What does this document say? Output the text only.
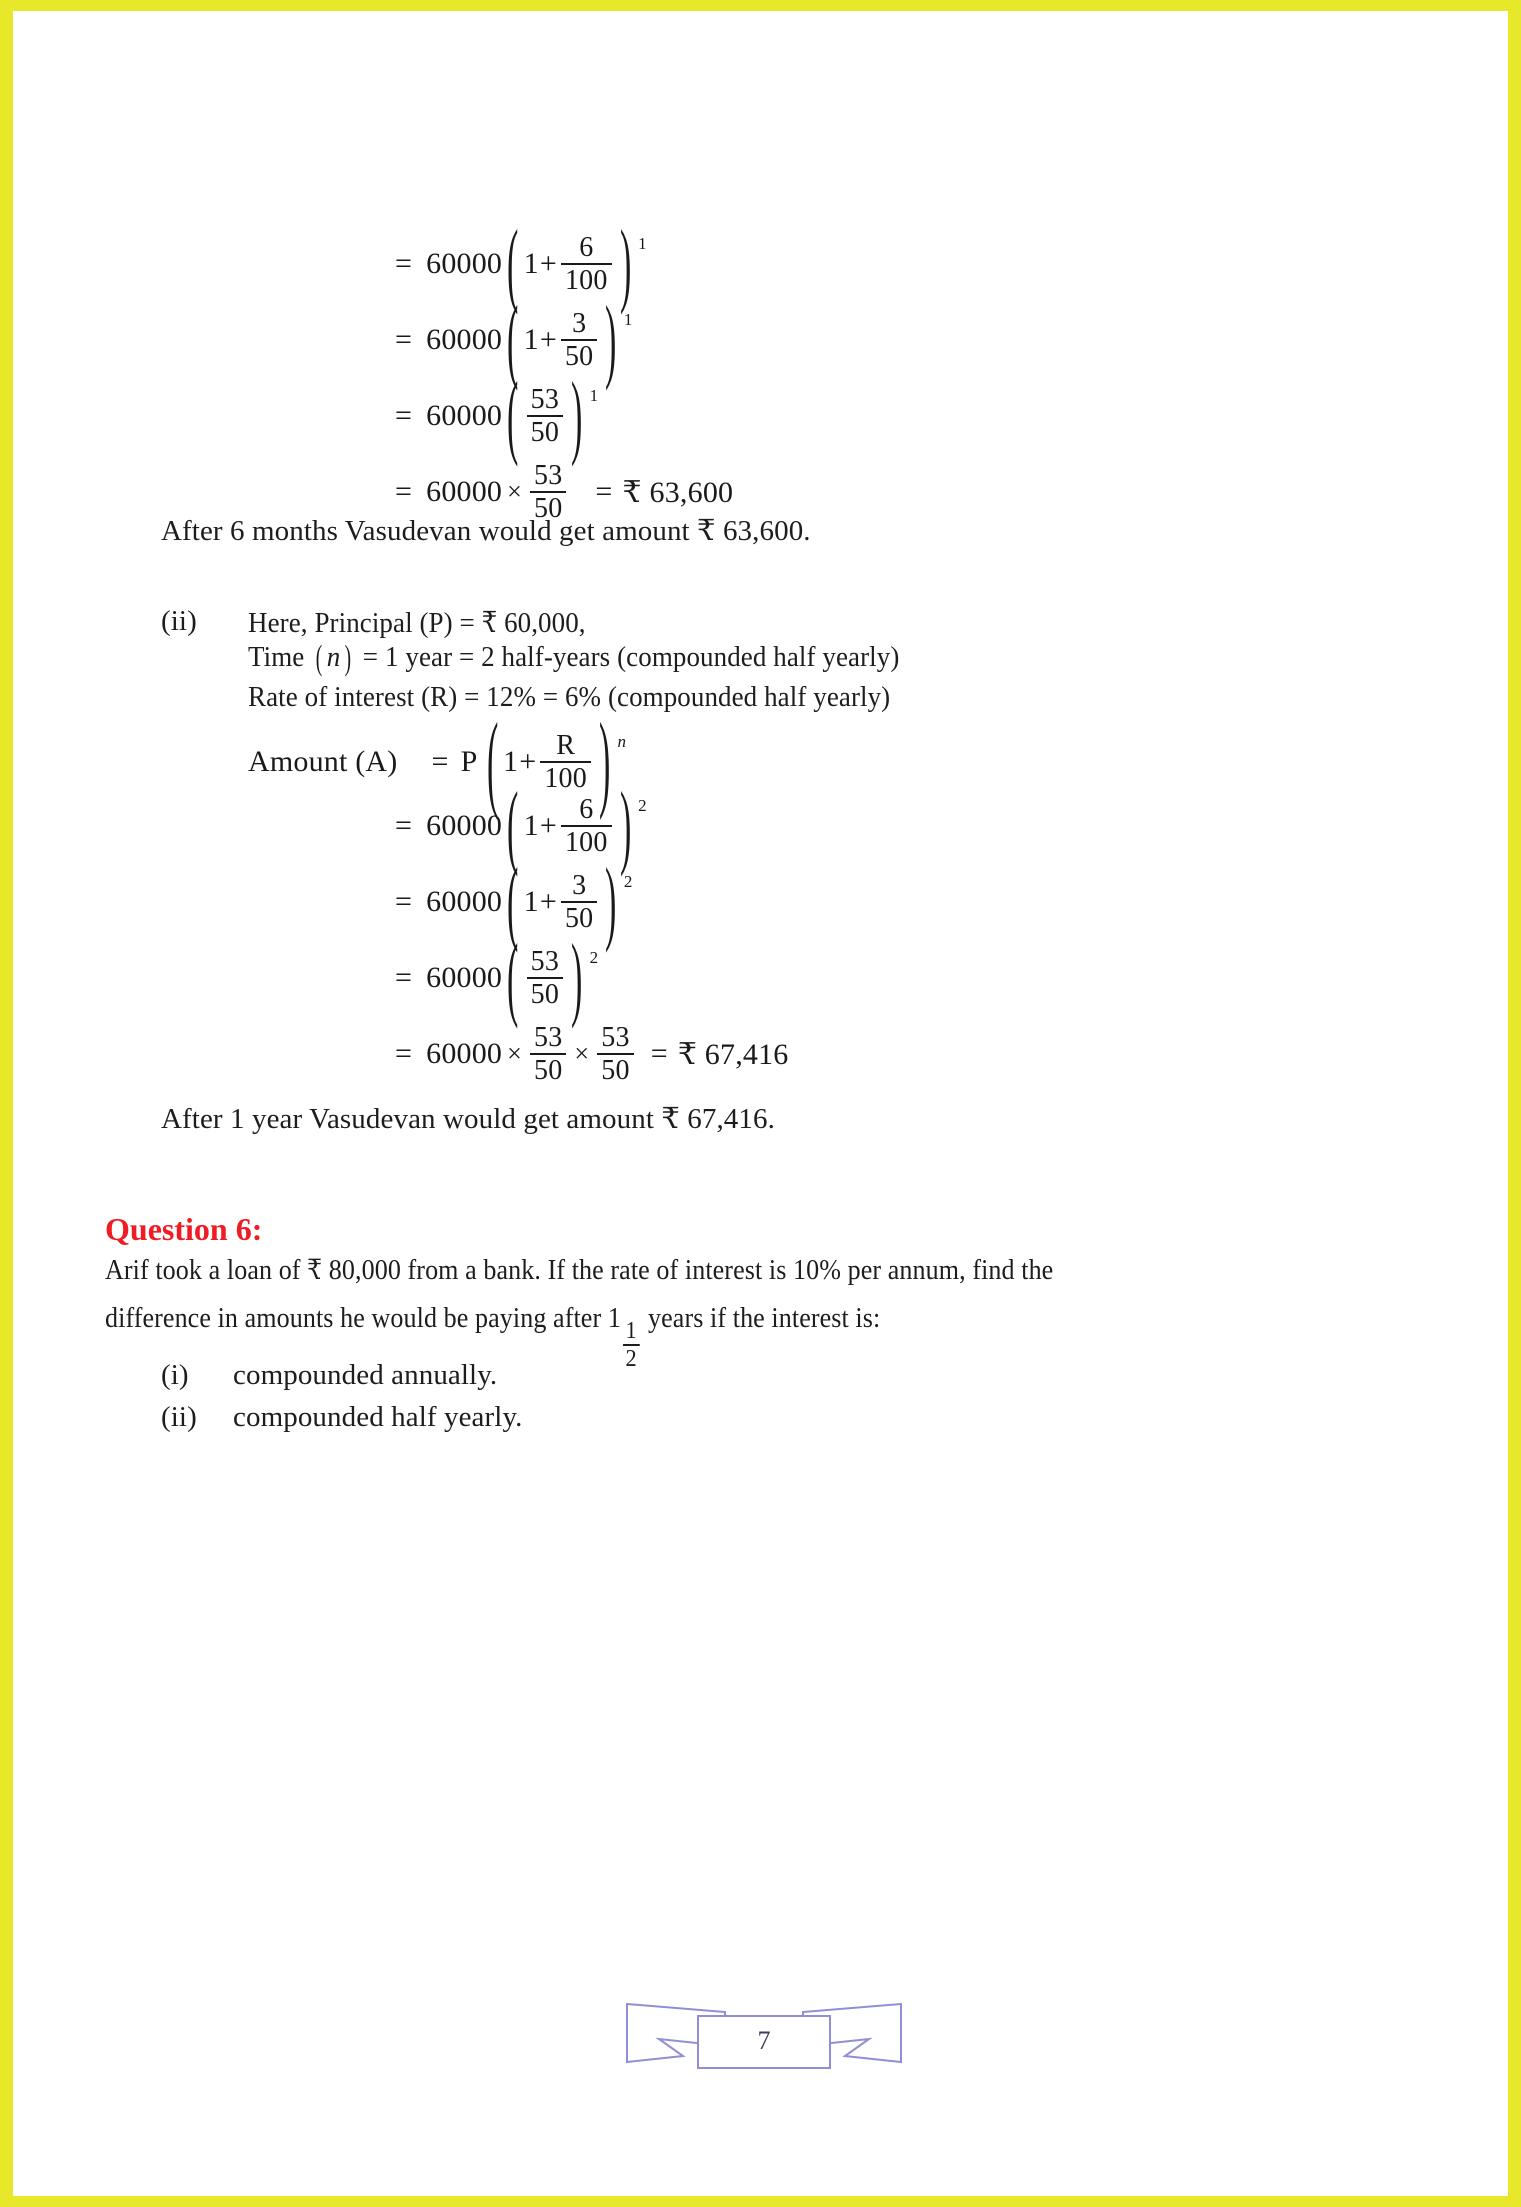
= 60000 ( $1 + \frac{6}{100}$ ) 1
= 60000 ( $1 + \frac{3}{50}$ ) 1
= 60000 ( $\frac{53}{50}$ ) 1
= $60000 \times \frac{53}{50}$ = ₹ 63,600
After 6 months Vasudevan would get amount ₹ 63,600.
(ii) Here, Principal (P) = ₹ 60,000,
Time ( n ) = 1 year = 2 half-years (compounded half yearly)
Rate of interest (R) = 12% = 6% (compounded half yearly)
Amount (A) = P ( $1 + \frac{R}{100}$ ) n
= 60000 ( $1 + \frac{6}{100}$ ) 2
= 60000 ( $1 + \frac{3}{50}$ ) 2
= 60000 ( $\frac{53}{50}$ ) 2
= $60000 \times \frac{53}{50} \times \frac{53}{50}$ = ₹ 67,416
After 1 year Vasudevan would get amount ₹ 67,416.
Question 6:
Arif took a loan of ₹ 80,000 from a bank. If the rate of interest is 10% per annum, find the
difference in amounts he would be paying after 1
$\frac{1}{2}$
years if the interest is:
(i) compounded annually.
(ii) compounded half yearly.
7
